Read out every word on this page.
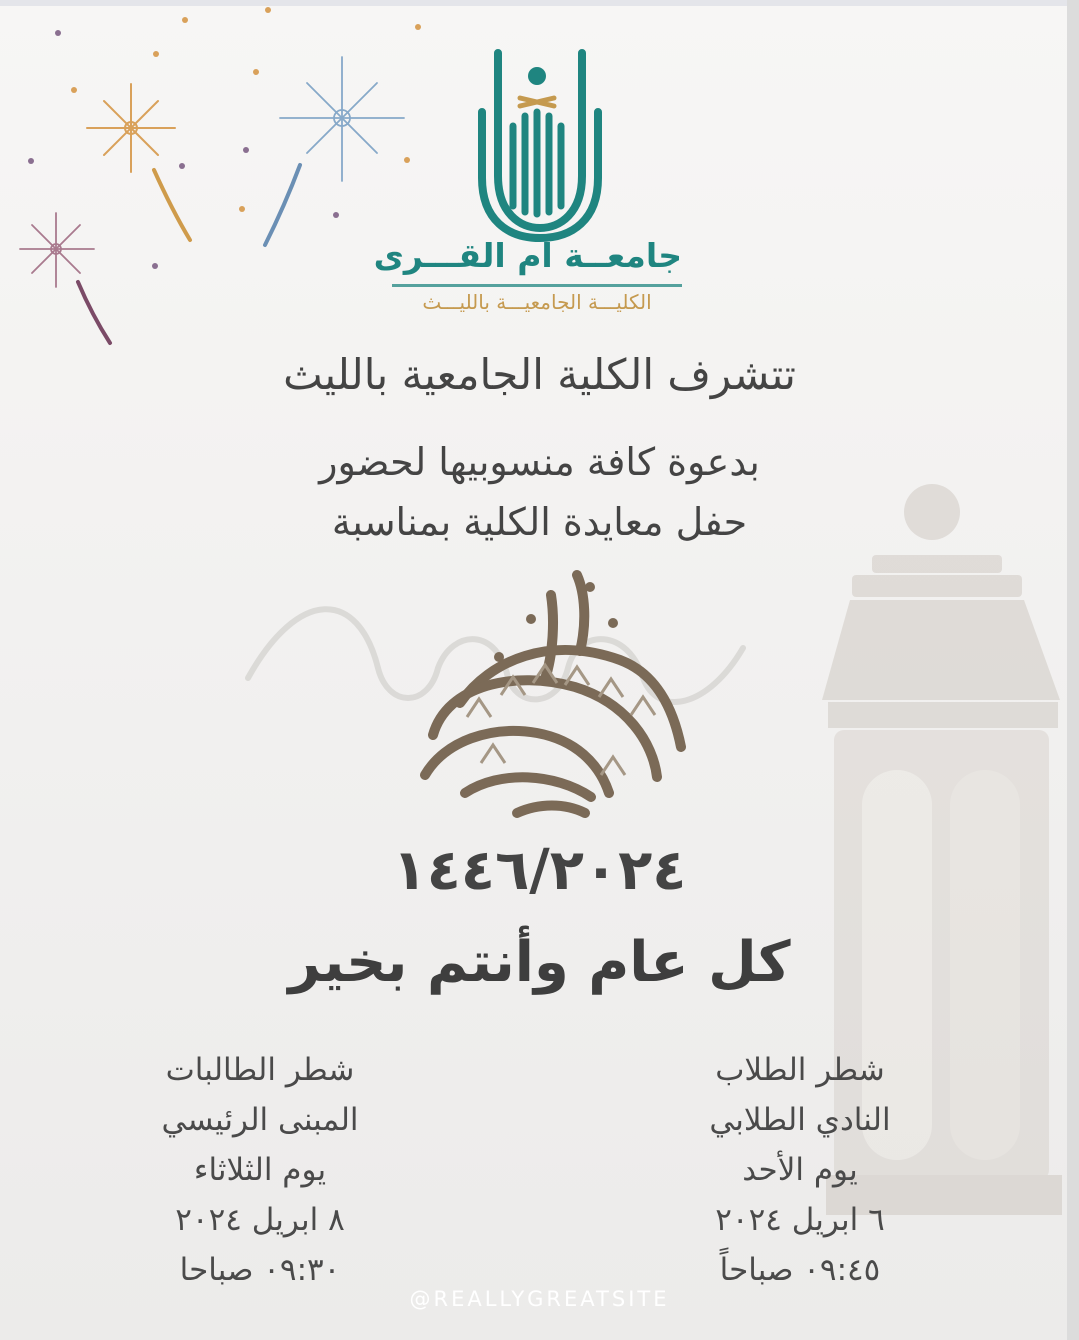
جامعــة أم القـــرى
الكليـــة الجامعيـــة بالليـــث
تتشرف الكلية الجامعية بالليث
بدعوة كافة منسوبيها لحضور
حفل معايدة الكلية بمناسبة
١٤٤٦/٢٠٢٤
كل عام وأنتم بخير
شطر الطلاب
النادي الطلابي
يوم الأحد
٦ ابريل ٢٠٢٤
٠٩:٤٥ صباحاً
شطر الطالبات
المبنى الرئيسي
يوم الثلاثاء
٨ ابريل ٢٠٢٤
٠٩:٣٠ صباحا
@REALLYGREATSITE
